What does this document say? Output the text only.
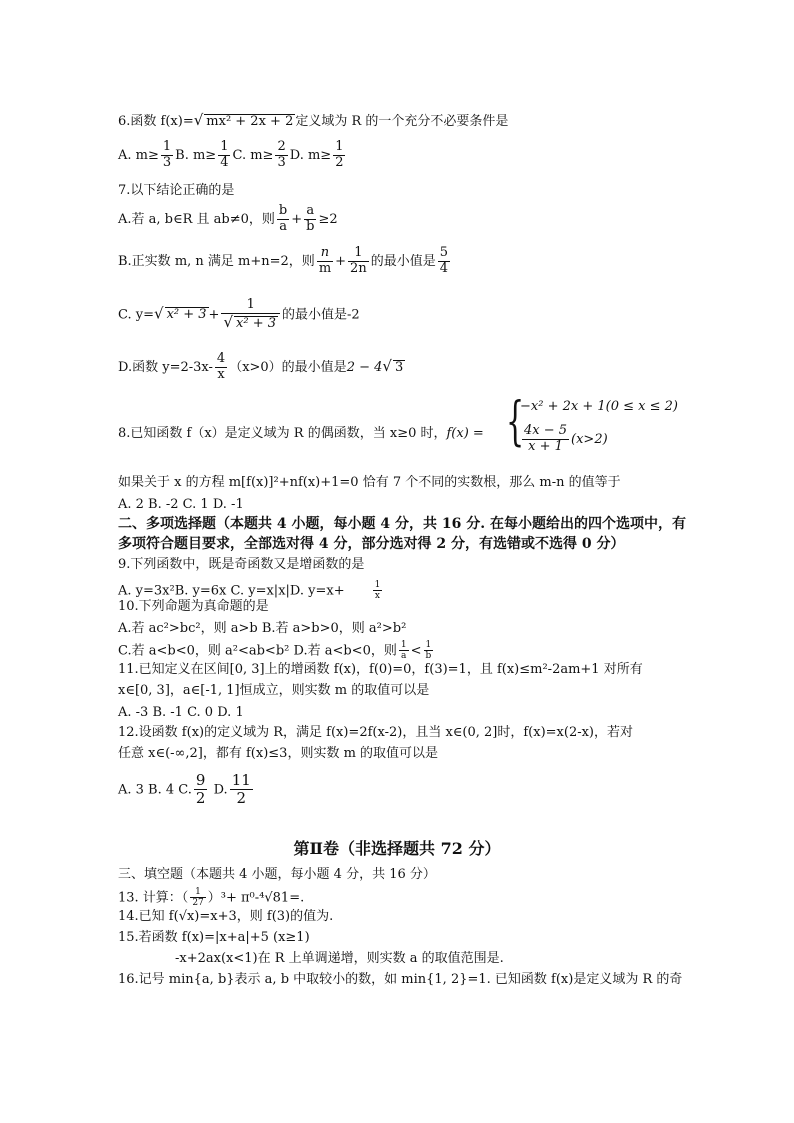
6.函数 f(x)=√ mx² + 2x + 2 定义域为 R 的一个充分不必要条件是
A. $m\ge \frac{1}{3} B$. $m\ge \frac{1}{4} C$. $m\ge \frac{2}{3} D$. $m\ge \frac{1}{2}$
7.以下结论正确的是
A.若 a, b∈R 且 ab≠0，则 $\frac{b}{a} + \frac{a}{b} \ge 2$
B.正实数 m, n 满足 m+n=2，则 $\frac{n}{m} + \frac{1}{2n}$ 的最小值是 $\frac{5}{4}$
C. y=√ $x^2 + 3 + \frac{1}{\text{√ x² + 3}}$ 的最小值是-2
D.函数 $y=2-3x- \frac{4}{x} (x>0)$的最小值是2 − 4√ 3
8.已知函数 f（x）是定义域为 R 的偶函数，当 x≥0 时，f(x) = {
−x² + 2x + 1(0 ≤ x ≤ 2)
$\frac{4x - 5}{x + 1} (x>2)$
如果关于 x 的方程 m[f(x)]²+nf(x)+1=0 恰有 7 个不同的实数根，那么 m-n 的值等于
A. 2 B. -2 C. 1 D. -1
二、多项选择题（本题共 4 小题，每小题 4 分，共 16 分. 在每小题给出的四个选项中，有
多项符合题目要求，全部选对得 4 分，部分选对得 2 分，有选错或不选得 0 分）
9.下列函数中，既是奇函数又是增函数的是
A. y=3x²B. y=6x C. y=x|x|D. y=x+	$\frac{1}{x}$
10.下列命题为真命题的是
A.若 ac²>bc²，则 a>b B.若 a>b>0，则 a²>b²
C.若 a<b<0，则 a²<ab<b² D.若 a<b<0，则 $\frac{1}{a} < \frac{1}{b}$
11.已知定义在区间[0, 3]上的增函数 f(x)，f(0)=0，f(3)=1，且 f(x)≤m²-2am+1 对所有
x∈[0, 3]，a∈[-1, 1]恒成立，则实数 m 的取值可以是
A. -3 B. -1 C. 0 D. 1
12.设函数 f(x)的定义域为 R，满足 f(x)=2f(x-2)，且当 x∈(0, 2]时，f(x)=x(2-x)，若对
任意 x∈(-∞,2]，都有 f(x)≤3，则实数 m 的取值可以是
A. 3 B. 4 C. $\frac{9}{2} D$. $\frac{11}{2}$
第Ⅱ卷（非选择题共 72 分）
三、填空题（本题共 4 小题，每小题 4 分，共 16 分）
13. 计算：（ $\frac{1}{27} )^3+ \pi^0-^4√81=$.
14.已知 f(√x)=x+3，则 f(3)的值为.
15.若函数 f(x)=|x+a|+5 (x≥1)
-x+2ax(x<1)在 R 上单调递增，则实数 a 的取值范围是.
16.记号 min{a, b}表示 a, b 中取较小的数，如 min{1, 2}=1. 已知函数 f(x)是定义域为 R 的奇
